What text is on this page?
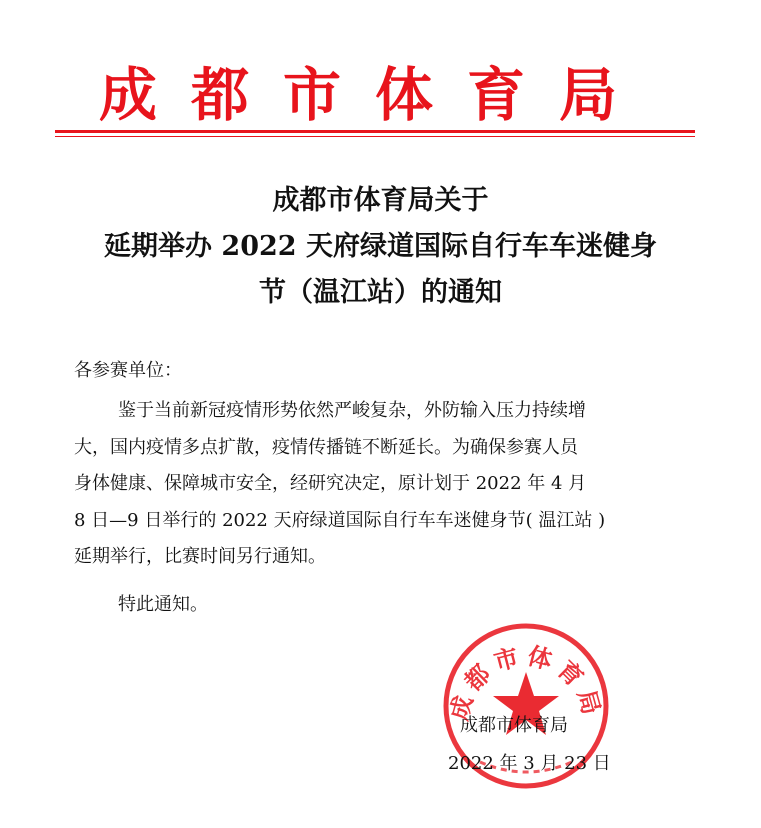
成都市体育局
成都市体育局关于
延期举办 2022 天府绿道国际自行车车迷健身
节（温江站）的通知
各参赛单位：
鉴于当前新冠疫情形势依然严峻复杂，外防输入压力持续增
大，国内疫情多点扩散，疫情传播链不断延长。为确保参赛人员
身体健康、保障城市安全，经研究决定，原计划于 2022 年 4 月
8 日—9 日举行的 2022 天府绿道国际自行车车迷健身节( 温江站 )
延期举行，比赛时间另行通知。
特此通知。
成都市体育局
成都市体育局
2022 年 3 月 23 日
